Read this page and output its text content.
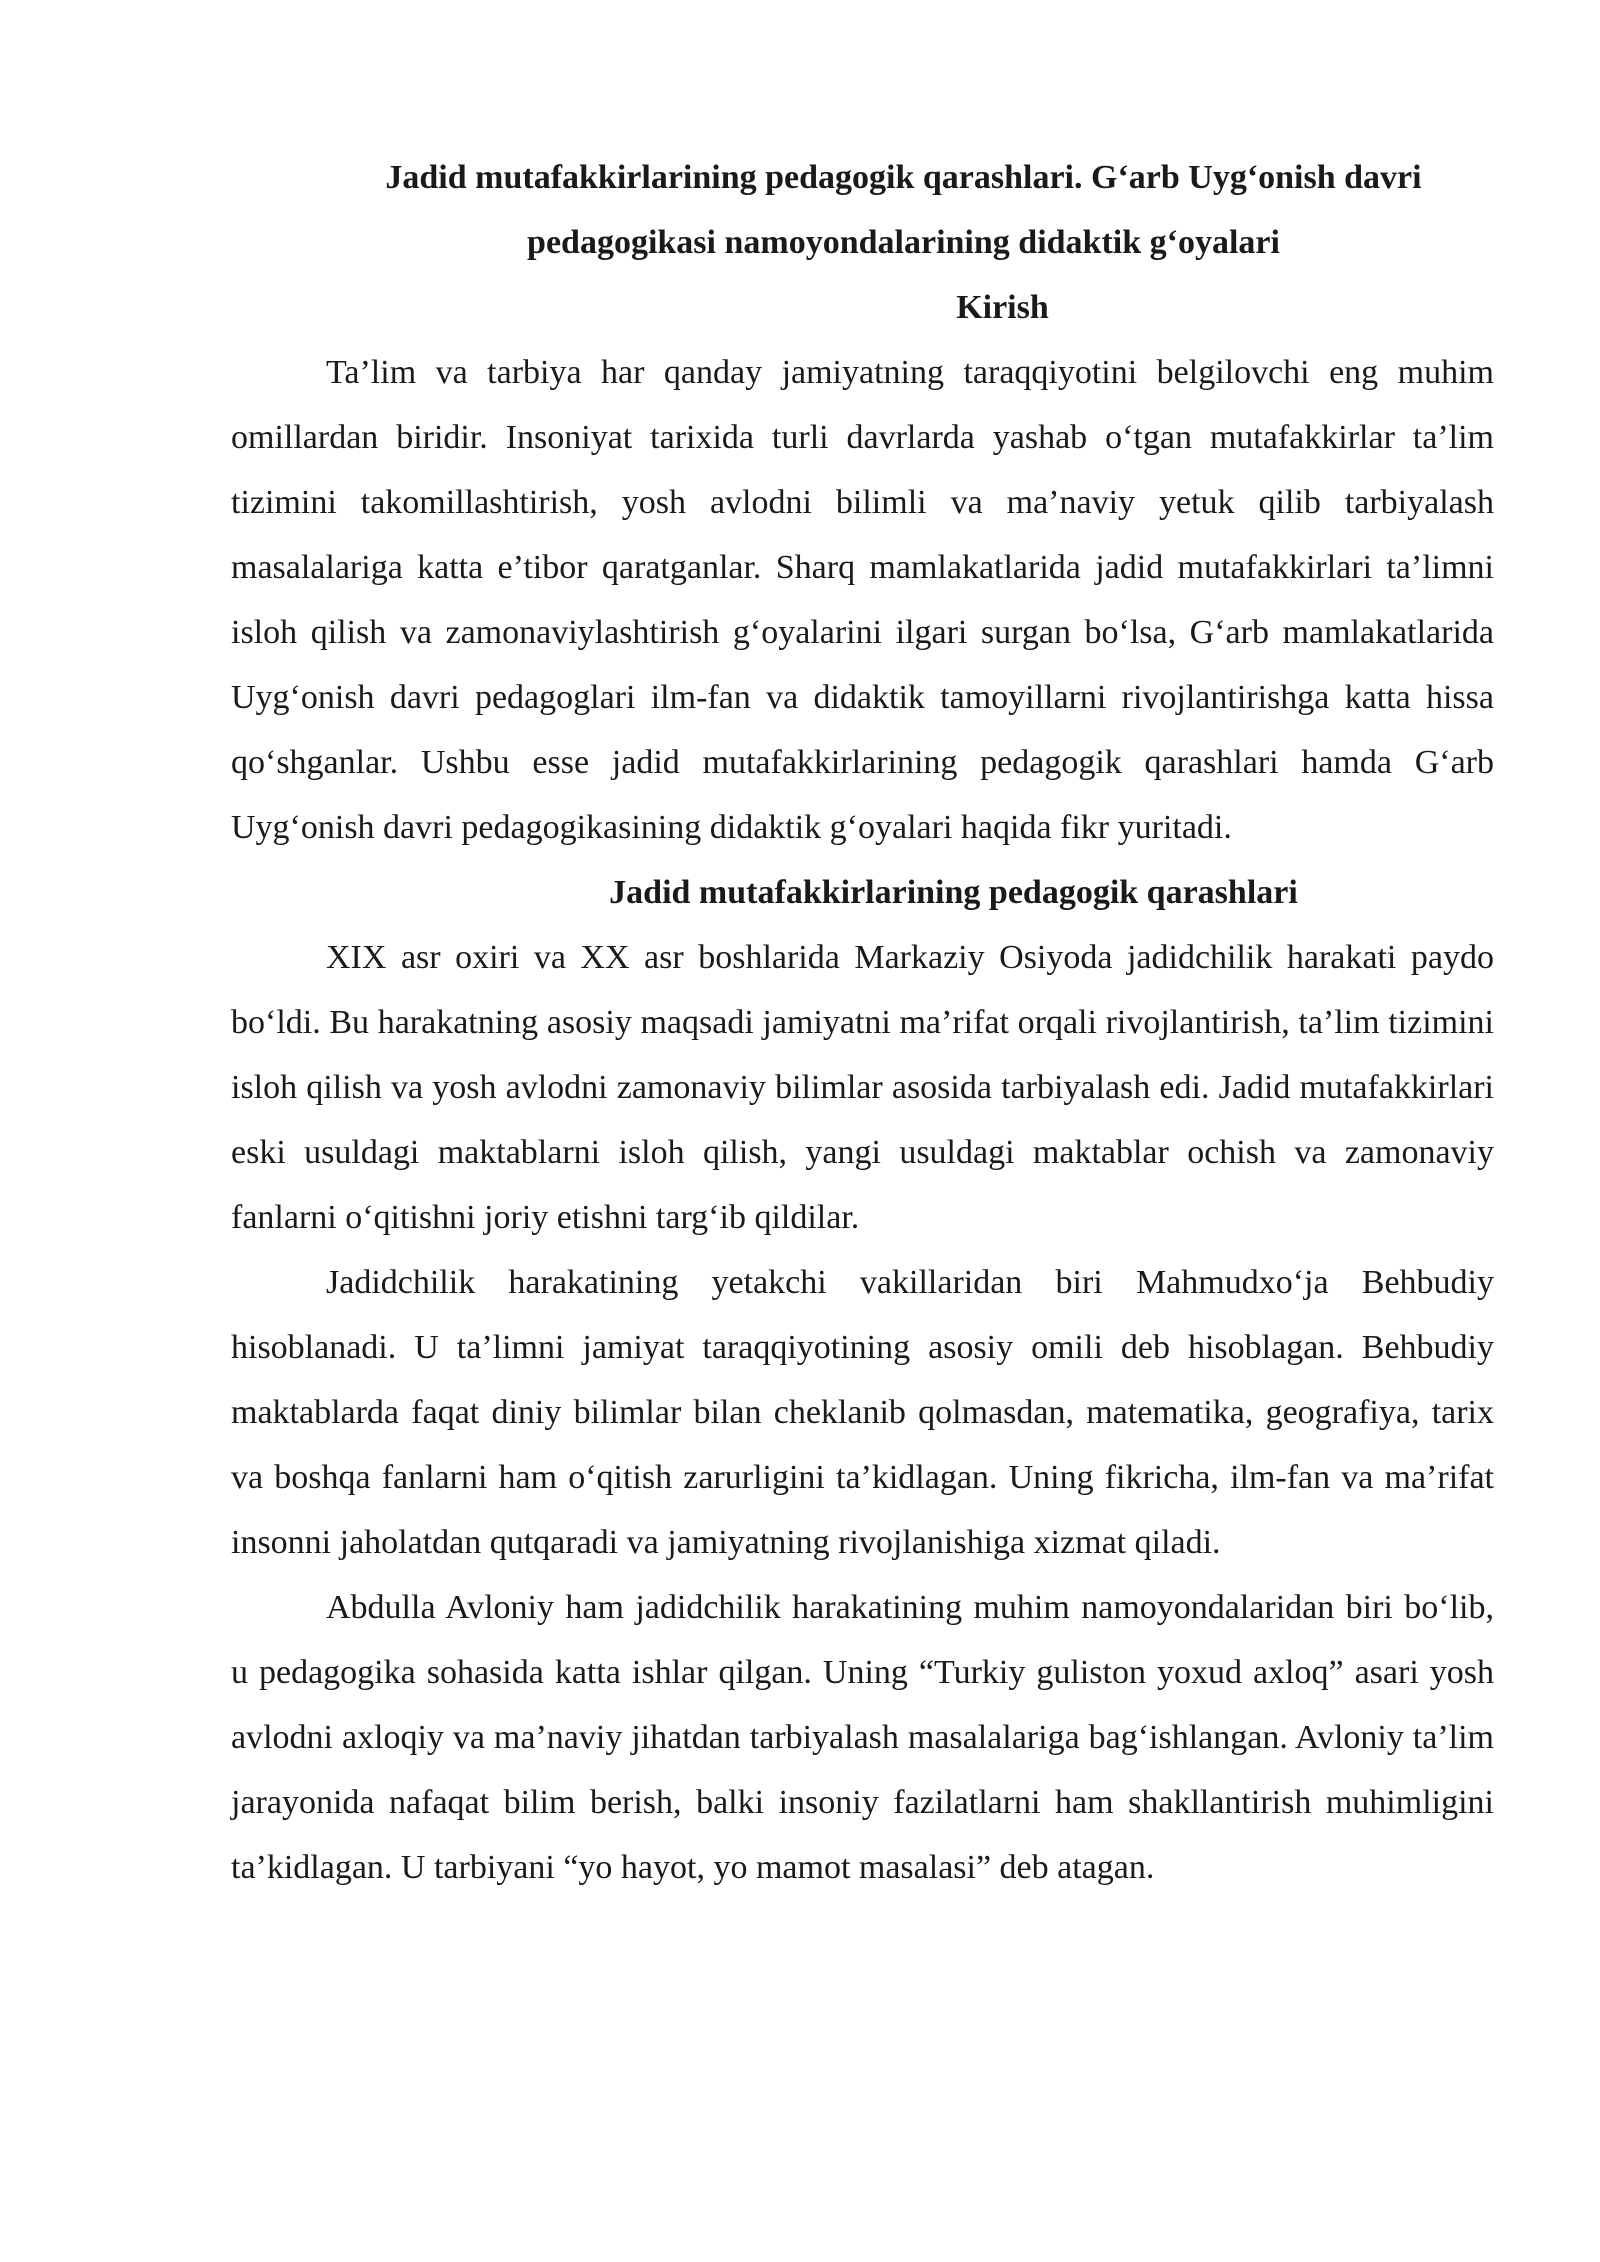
Jadid mutafakkirlarining pedagogik qarashlari. G‘arb Uyg‘onish davri pedagogikasi namoyondalarining didaktik g‘oyalari
Kirish

Ta’lim va tarbiya har qanday jamiyatning taraqqiyotini belgilovchi eng muhim omillardan biridir. Insoniyat tarixida turli davrlarda yashab o‘tgan mutafakkirlar ta’lim tizimini takomillashtirish, yosh avlodni bilimli va ma’naviy yetuk qilib tarbiyalash masalalariga katta e’tibor qaratganlar. Sharq mamlakatlarida jadid mutafakkirlari ta’limni isloh qilish va zamonaviylashtirish g‘oyalarini ilgari surgan bo‘lsa, G‘arb mamlakatlarida Uyg‘onish davri pedagoglari ilm-fan va didaktik tamoyillarni rivojlantirishga katta hissa qo‘shganlar. Ushbu esse jadid mutafakkirlarining pedagogik qarashlari hamda G‘arb Uyg‘onish davri pedagogikasining didaktik g‘oyalari haqida fikr yuritadi.

Jadid mutafakkirlarining pedagogik qarashlari

XIX asr oxiri va XX asr boshlarida Markaziy Osiyoda jadidchilik harakati paydo bo‘ldi. Bu harakatning asosiy maqsadi jamiyatni ma’rifat orqali rivojlantirish, ta’lim tizimini isloh qilish va yosh avlodni zamonaviy bilimlar asosida tarbiyalash edi. Jadid mutafakkirlari eski usuldagi maktablarni isloh qilish, yangi usuldagi maktablar ochish va zamonaviy fanlarni o‘qitishni joriy etishni targ‘ib qildilar.

Jadidchilik harakatining yetakchi vakillaridan biri Mahmudxo‘ja Behbudiy hisoblanadi. U ta’limni jamiyat taraqqiyotining asosiy omili deb hisoblagan. Behbudiy maktablarda faqat diniy bilimlar bilan cheklanib qolmasdan, matematika, geografiya, tarix va boshqa fanlarni ham o‘qitish zarurligini ta’kidlagan. Uning fikricha, ilm-fan va ma’rifat insonni jaholatdan qutqaradi va jamiyatning rivojlanishiga xizmat qiladi.

Abdulla Avloniy ham jadidchilik harakatining muhim namoyondalaridan biri bo‘lib, u pedagogika sohasida katta ishlar qilgan. Uning “Turkiy guliston yoxud axloq” asari yosh avlodni axloqiy va ma’naviy jihatdan tarbiyalash masalalariga bag‘ishlangan. Avloniy ta’lim jarayonida nafaqat bilim berish, balki insoniy fazilatlarni ham shakllantirish muhimligini ta’kidlagan. U tarbiyani “yo hayot, yo mamot masalasi” deb atagan.
